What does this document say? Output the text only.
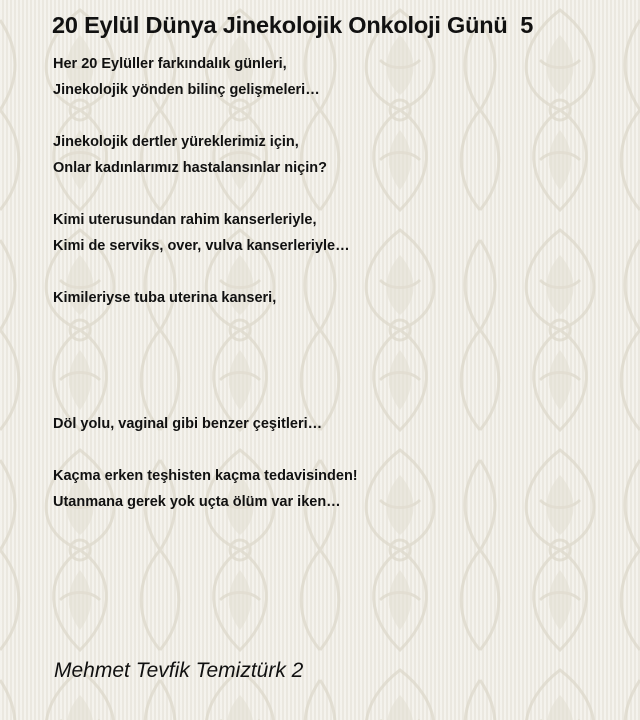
20 Eylül Dünya Jinekolojik Onkoloji Günü  5

Her 20 Eylüller farkındalık günleri,

Jinekolojik yönden bilinç gelişmeleri…

Jinekolojik dertler yüreklerimiz için,

Onlar kadınlarımız hastalansınlar niçin?

Kimi uterusundan rahim kanserleriyle,

Kimi de serviks, over, vulva kanserleriyle…

Kimileriyse tuba uterina kanseri,

Döl yolu, vaginal gibi benzer çeşitleri…

Kaçma erken teşhisten kaçma tedavisinden!

Utanmana gerek yok uçta ölüm var iken…

Mehmet Tevfik Temiztürk 2
